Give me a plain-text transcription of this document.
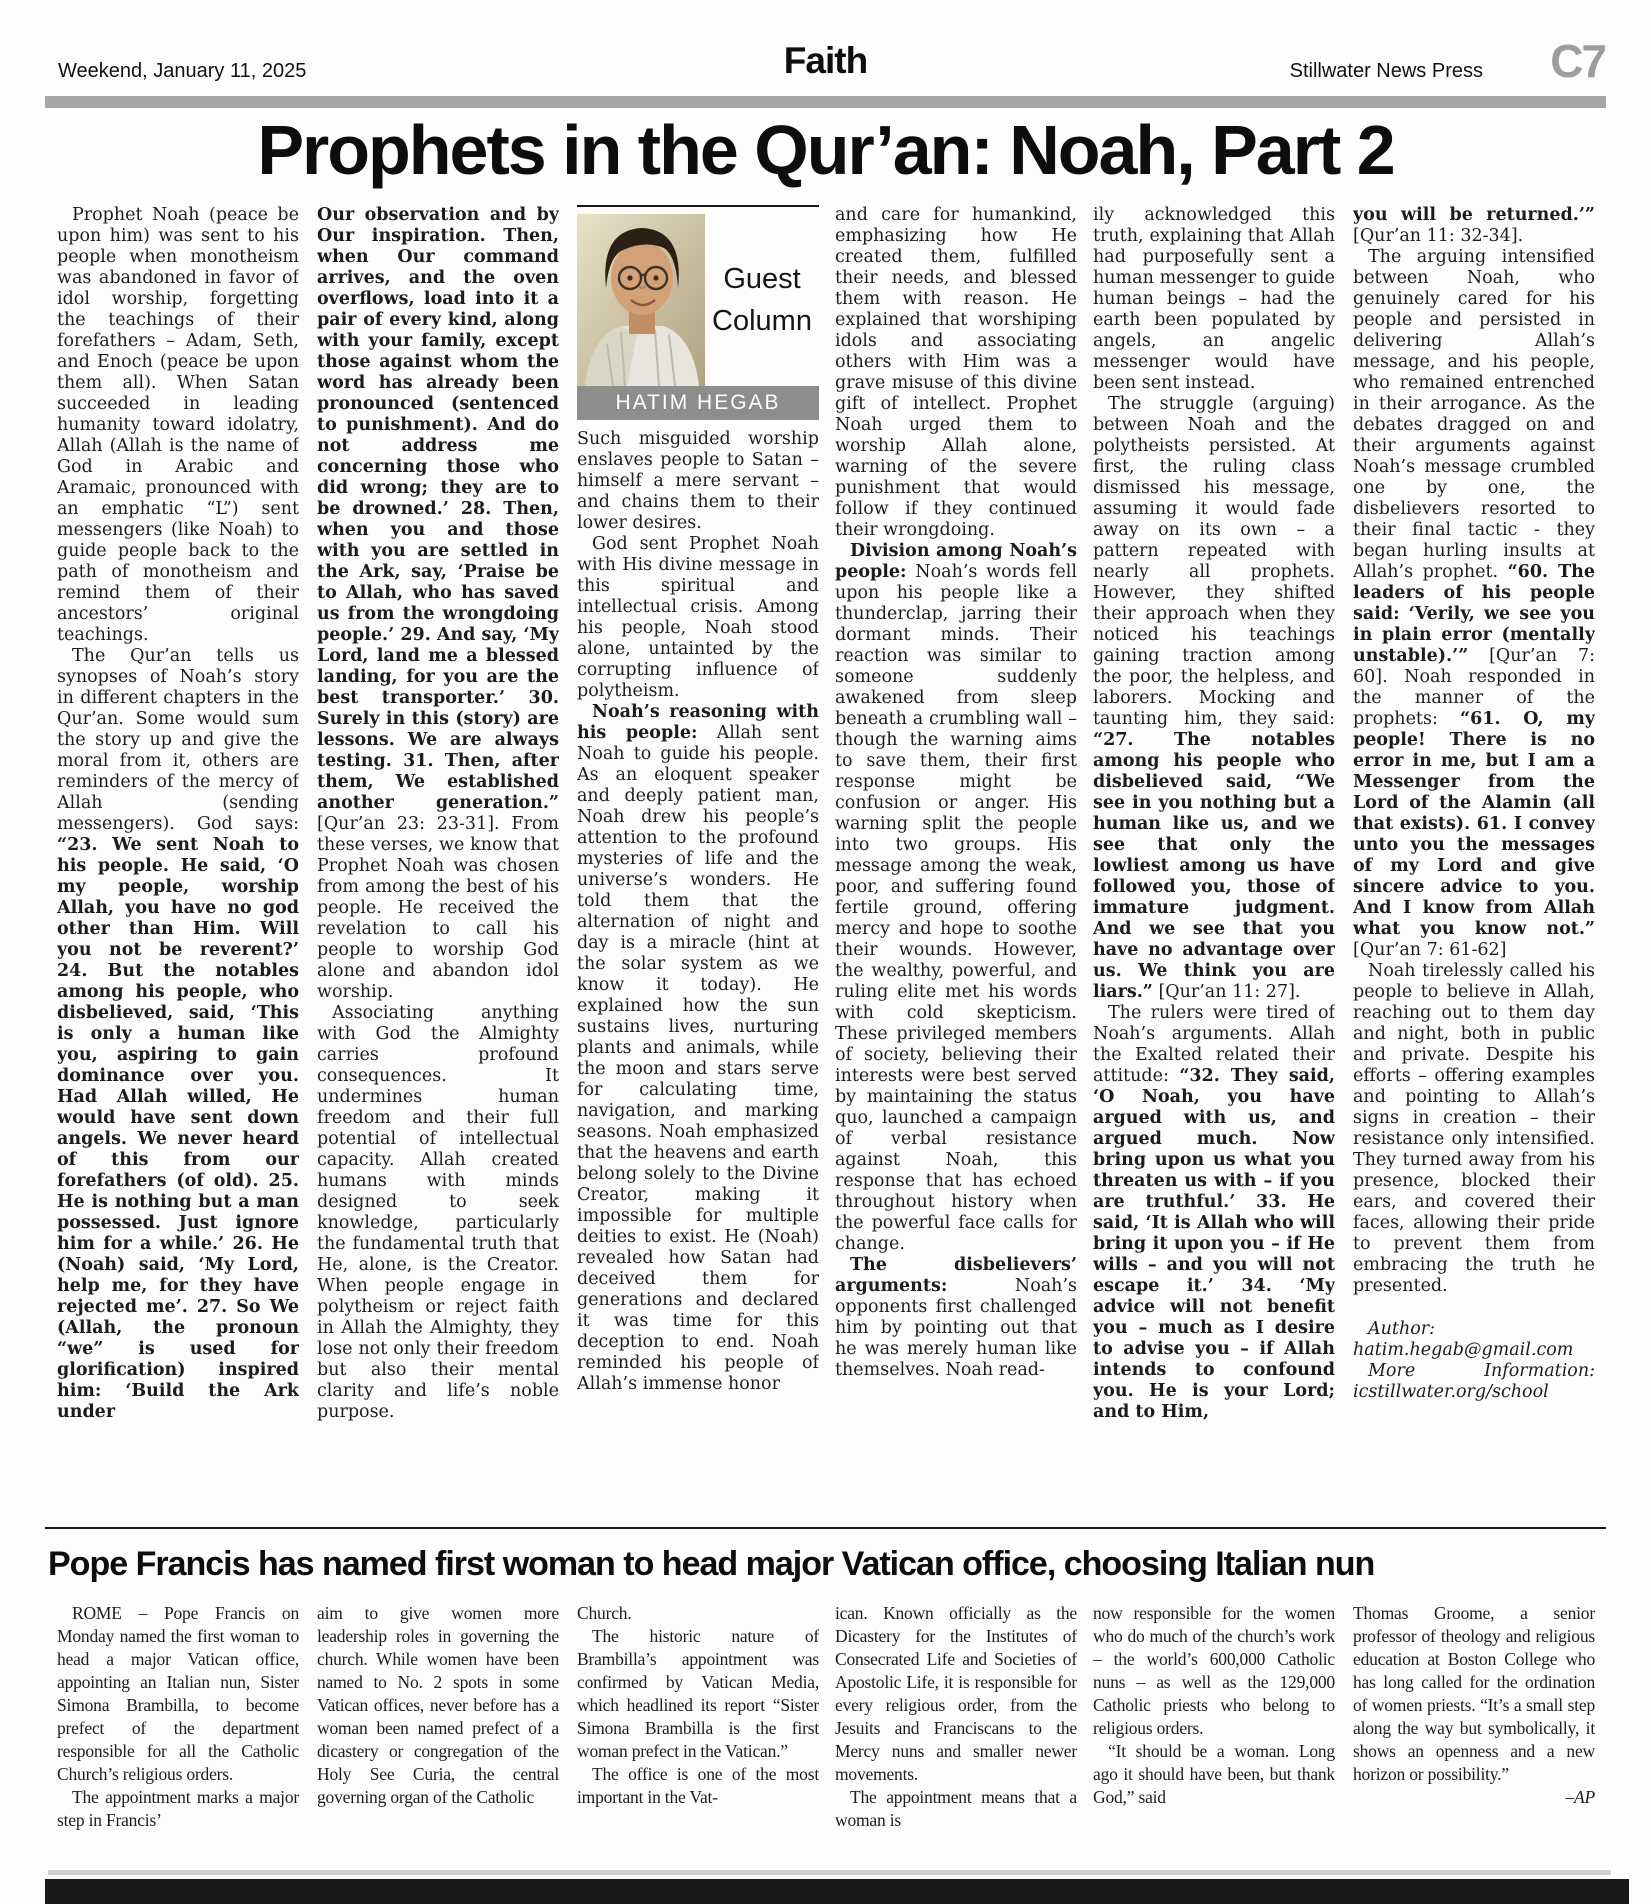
Weekend, January 11, 2025	Faith	Stillwater News Press C7
Prophets in the Qur’an: Noah, Part 2

Prophet Noah (peace be upon him) was sent to his people when monotheism was abandoned in favor of idol worship, forgetting the teachings of their forefathers – Adam, Seth, and Enoch (peace be upon them all). When Satan succeeded in leading humanity toward idolatry, Allah (Allah is the name of God in Arabic and Aramaic, pronounced with an emphatic “L”) sent messengers (like Noah) to guide people back to the path of monotheism and remind them of their ancestors’ original teachings.

The Qur’an tells us synopses of Noah’s story in different chapters in the Qur’an. Some would sum the story up and give the moral from it, others are reminders of the mercy of Allah (sending messengers). God says: “23. We sent Noah to his people. He said, ‘O my people, worship Allah, you have no god other than Him. Will you not be reverent?’ 24. But the notables among his people, who disbelieved, said, ‘This is only a human like you, aspiring to gain dominance over you. Had Allah willed, He would have sent down angels. We never heard of this from our forefathers (of old). 25. He is nothing but a man possessed. Just ignore him for a while.’ 26. He (Noah) said, ‘My Lord, help me, for they have rejected me’. 27. So We (Allah, the pronoun “we” is used for glorification) inspired him: ‘Build the Ark under

Our observation and by Our inspiration. Then, when Our command arrives, and the oven overflows, load into it a pair of every kind, along with your family, except those against whom the word has already been pronounced (sentenced to punishment). And do not address me concerning those who did wrong; they are to be drowned.’ 28. Then, when you and those with you are settled in the Ark, say, ‘Praise be to Allah, who has saved us from the wrongdoing people.’ 29. And say, ‘My Lord, land me a blessed landing, for you are the best transporter.’ 30. Surely in this (story) are lessons. We are always testing. 31. Then, after them, We established another generation.” [Qur’an 23: 23-31]. From these verses, we know that Prophet Noah was chosen from among the best of his people. He received the revelation to call his people to worship God alone and abandon idol worship.

Associating anything with God the Almighty carries profound consequences. It undermines human freedom and their full potential of intellectual capacity. Allah created humans with minds designed to seek knowledge, particularly the fundamental truth that He, alone, is the Creator. When people engage in polytheism or reject faith in Allah the Almighty, they lose not only their freedom but also their mental clarity and life’s noble purpose.

Guest
Column
HATIM HEGAB

Such misguided worship enslaves people to Satan – himself a mere servant – and chains them to their lower desires.

God sent Prophet Noah with His divine message in this spiritual and intellectual crisis. Among his people, Noah stood alone, untainted by the corrupting influence of polytheism.

Noah’s reasoning with his people: Allah sent Noah to guide his people. As an eloquent speaker and deeply patient man, Noah drew his people’s attention to the profound mysteries of life and the universe’s wonders. He told them that the alternation of night and day is a miracle (hint at the solar system as we know it today). He explained how the sun sustains lives, nurturing plants and animals, while the moon and stars serve for calculating time, navigation, and marking seasons. Noah emphasized that the heavens and earth belong solely to the Divine Creator, making it impossible for multiple deities to exist. He (Noah) revealed how Satan had deceived them for generations and declared it was time for this deception to end. Noah reminded his people of Allah’s immense honor

and care for humankind, emphasizing how He created them, fulfilled their needs, and blessed them with reason. He explained that worshiping idols and associating others with Him was a grave misuse of this divine gift of intellect. Prophet Noah urged them to worship Allah alone, warning of the severe punishment that would follow if they continued their wrongdoing.

Division among Noah’s people: Noah’s words fell upon his people like a thunderclap, jarring their dormant minds. Their reaction was similar to someone suddenly awakened from sleep beneath a crumbling wall – though the warning aims to save them, their first response might be confusion or anger. His warning split the people into two groups. His message among the weak, poor, and suffering found fertile ground, offering mercy and hope to soothe their wounds. However, the wealthy, powerful, and ruling elite met his words with cold skepticism. These privileged members of society, believing their interests were best served by maintaining the status quo, launched a campaign of verbal resistance against Noah, this response that has echoed throughout history when the powerful face calls for change.

The disbelievers’ arguments: Noah’s opponents first challenged him by pointing out that he was merely human like themselves. Noah read-

ily acknowledged this truth, explaining that Allah had purposefully sent a human messenger to guide human beings – had the earth been populated by angels, an angelic messenger would have been sent instead.

The struggle (arguing) between Noah and the polytheists persisted. At first, the ruling class dismissed his message, assuming it would fade away on its own – a pattern repeated with nearly all prophets. However, they shifted their approach when they noticed his teachings gaining traction among the poor, the helpless, and laborers. Mocking and taunting him, they said: “27. The notables among his people who disbelieved said, “We see in you nothing but a human like us, and we see that only the lowliest among us have followed you, those of immature judgment. And we see that you have no advantage over us. We think you are liars.” [Qur’an 11: 27].

The rulers were tired of Noah’s arguments. Allah the Exalted related their attitude: “32. They said, ‘O Noah, you have argued with us, and argued much. Now bring upon us what you threaten us with – if you are truthful.’ 33. He said, ‘It is Allah who will bring it upon you – if He wills – and you will not escape it.’ 34. ‘My advice will not benefit you – much as I desire to advise you – if Allah intends to confound you. He is your Lord; and to Him,

you will be returned.’” [Qur’an 11: 32-34].

The arguing intensified between Noah, who genuinely cared for his people and persisted in delivering Allah’s message, and his people, who remained entrenched in their arrogance. As the debates dragged on and their arguments against Noah’s message crumbled one by one, the disbelievers resorted to their final tactic - they began hurling insults at Allah’s prophet. “60. The leaders of his people said: ‘Verily, we see you in plain error (mentally unstable).’” [Qur’an 7: 60]. Noah responded in the manner of the prophets: “61. O, my people! There is no error in me, but I am a Messenger from the Lord of the Alamin (all that exists). 61. I convey unto you the messages of my Lord and give sincere advice to you. And I know from Allah what you know not.” [Qur’an 7: 61-62]

Noah tirelessly called his people to believe in Allah, reaching out to them day and night, both in public and private. Despite his efforts – offering examples and pointing to Allah’s signs in creation – their resistance only intensified. They turned away from his presence, blocked their ears, and covered their faces, allowing their pride to prevent them from embracing the truth he presented.

Author: hatim.hegab@gmail.com

More Information: icstillwater.org/school

Pope Francis has named first woman to head major Vatican office, choosing Italian nun

ROME – Pope Francis on Monday named the first woman to head a major Vatican office, appointing an Italian nun, Sister Simona Brambilla, to become prefect of the department responsible for all the Catholic Church’s religious orders.

The appointment marks a major step in Francis’

aim to give women more leadership roles in governing the church. While women have been named to No. 2 spots in some Vatican offices, never before has a woman been named prefect of a dicastery or congregation of the Holy See Curia, the central governing organ of the Catholic

Church.

The historic nature of Brambilla’s appointment was confirmed by Vatican Media, which headlined its report “Sister Simona Brambilla is the first woman prefect in the Vatican.”

The office is one of the most important in the Vat-

ican. Known officially as the Dicastery for the Institutes of Consecrated Life and Societies of Apostolic Life, it is responsible for every religious order, from the Jesuits and Franciscans to the Mercy nuns and smaller newer movements.

The appointment means that a woman is

now responsible for the women who do much of the church’s work – the world’s 600,000 Catholic nuns – as well as the 129,000 Catholic priests who belong to religious orders.

“It should be a woman. Long ago it should have been, but thank God,” said

Thomas Groome, a senior professor of theology and religious education at Boston College who has long called for the ordination of women priests. “It’s a small step along the way but symbolically, it shows an openness and a new horizon or possibility.”

–AP
